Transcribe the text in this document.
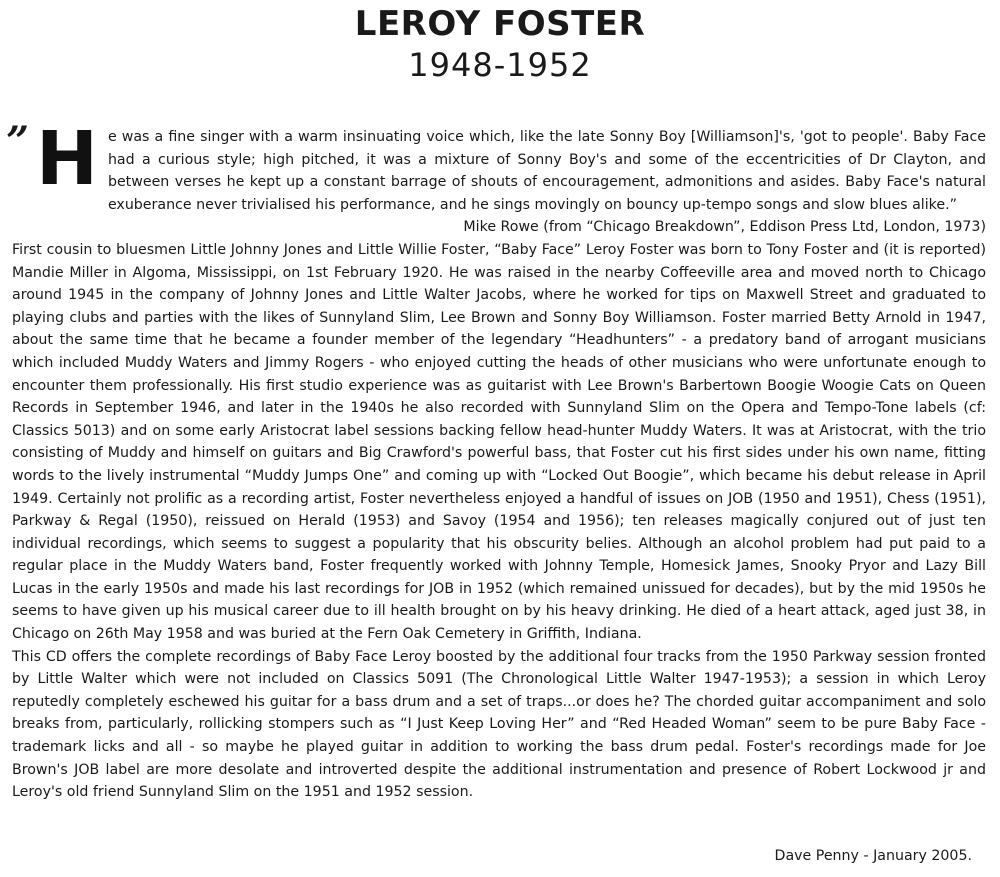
LEROY FOSTER
1948-1952
” H e was a fine singer with a warm insinuating voice which, like the late Sonny Boy [Williamson]'s, 'got to people'. Baby Face had a curious style; high pitched, it was a mixture of Sonny Boy's and some of the eccentricities of Dr Clayton, and between verses he kept up a constant barrage of shouts of encouragement, admonitions and asides. Baby Face's natural exuberance never trivialised his performance, and he sings movingly on bouncy up-tempo songs and slow blues alike.”

Mike Rowe (from “Chicago Breakdown”, Eddison Press Ltd, London, 1973)

First cousin to bluesmen Little Johnny Jones and Little Willie Foster, “Baby Face” Leroy Foster was born to Tony Foster and (it is reported) Mandie Miller in Algoma, Mississippi, on 1st February 1920. He was raised in the nearby Coffeeville area and moved north to Chicago around 1945 in the company of Johnny Jones and Little Walter Jacobs, where he worked for tips on Maxwell Street and graduated to playing clubs and parties with the likes of Sunnyland Slim, Lee Brown and Sonny Boy Williamson. Foster married Betty Arnold in 1947, about the same time that he became a founder member of the legendary “Headhunters” - a predatory band of arrogant musicians which included Muddy Waters and Jimmy Rogers - who enjoyed cutting the heads of other musicians who were unfortunate enough to encounter them professionally. His first studio experience was as guitarist with Lee Brown's Barbertown Boogie Woogie Cats on Queen Records in September 1946, and later in the 1940s he also recorded with Sunnyland Slim on the Opera and Tempo-Tone labels (cf: Classics 5013) and on some early Aristocrat label sessions backing fellow head-hunter Muddy Waters. It was at Aristocrat, with the trio consisting of Muddy and himself on guitars and Big Crawford's powerful bass, that Foster cut his first sides under his own name, fitting words to the lively instrumental “Muddy Jumps One” and coming up with “Locked Out Boogie”, which became his debut release in April 1949. Certainly not prolific as a recording artist, Foster nevertheless enjoyed a handful of issues on JOB (1950 and 1951), Chess (1951), Parkway & Regal (1950), reissued on Herald (1953) and Savoy (1954 and 1956); ten releases magically conjured out of just ten individual recordings, which seems to suggest a popularity that his obscurity belies. Although an alcohol problem had put paid to a regular place in the Muddy Waters band, Foster frequently worked with Johnny Temple, Homesick James, Snooky Pryor and Lazy Bill Lucas in the early 1950s and made his last recordings for JOB in 1952 (which remained unissued for decades), but by the mid 1950s he seems to have given up his musical career due to ill health brought on by his heavy drinking. He died of a heart attack, aged just 38, in Chicago on 26th May 1958 and was buried at the Fern Oak Cemetery in Griffith, Indiana.

This CD offers the complete recordings of Baby Face Leroy boosted by the additional four tracks from the 1950 Parkway session fronted by Little Walter which were not included on Classics 5091 (The Chronological Little Walter 1947-1953); a session in which Leroy reputedly completely eschewed his guitar for a bass drum and a set of traps...or does he? The chorded guitar accompaniment and solo breaks from, particularly, rollicking stompers such as “I Just Keep Loving Her” and “Red Headed Woman” seem to be pure Baby Face - trademark licks and all - so maybe he played guitar in addition to working the bass drum pedal. Foster's recordings made for Joe Brown's JOB label are more desolate and introverted despite the additional instrumentation and presence of Robert Lockwood jr and Leroy's old friend Sunnyland Slim on the 1951 and 1952 session.

Dave Penny - January 2005.
